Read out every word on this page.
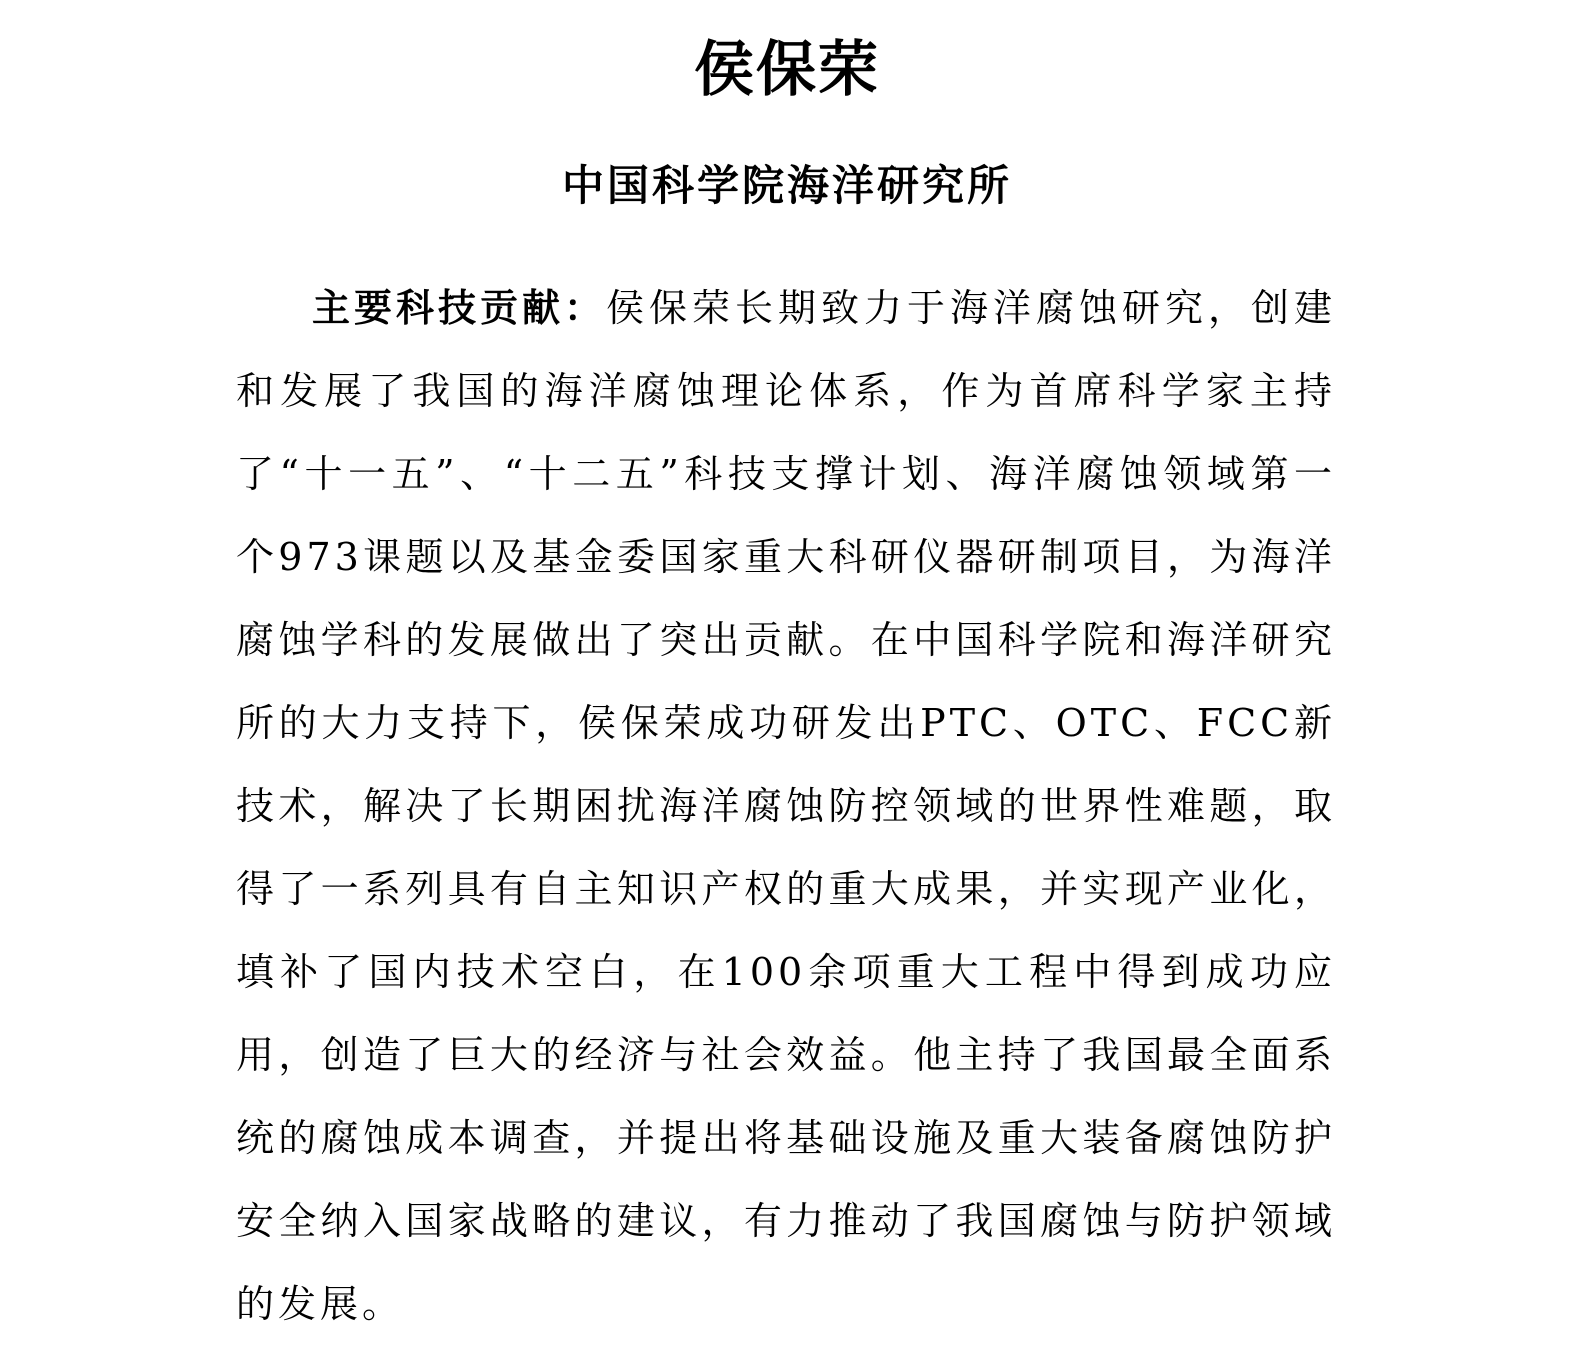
侯保荣
中国科学院海洋研究所

主要科技贡献：侯保荣长期致力于海洋腐蚀研究，创建和发展了我国的海洋腐蚀理论体系，作为首席科学家主持了“十一五”、“十二五”科技支撑计划、海洋腐蚀领域第一个973课题以及基金委国家重大科研仪器研制项目，为海洋腐蚀学科的发展做出了突出贡献。在中国科学院和海洋研究所的大力支持下，侯保荣成功研发出PTC、OTC、FCC新技术，解决了长期困扰海洋腐蚀防控领域的世界性难题，取得了一系列具有自主知识产权的重大成果，并实现产业化，填补了国内技术空白，在100余项重大工程中得到成功应用，创造了巨大的经济与社会效益。他主持了我国最全面系统的腐蚀成本调查，并提出将基础设施及重大装备腐蚀防护安全纳入国家战略的建议，有力推动了我国腐蚀与防护领域的发展。
